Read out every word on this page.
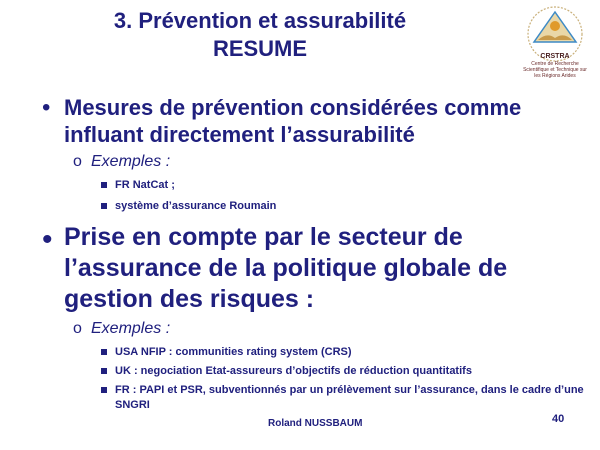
3. Prévention et assurabilité
RESUME	CRSTRA
Centre de Recherche Scientifique et Technique sur les Régions Arides
• Mesures de prévention considérées comme
influant directement l’assurabilité
o Exemples :
FR NatCat ;
système d’assurance Roumain
• Prise en compte par le secteur de
l’assurance de la politique globale de
gestion des risques :
o Exemples :
USA NFIP : communities rating system (CRS)
UK : negociation Etat-assureurs d’objectifs de réduction quantitatifs
FR : PAPI et PSR, subventionnés par un prélèvement sur l’assurance, dans le cadre d’une SNGRI
Roland NUSSBAUM	40
